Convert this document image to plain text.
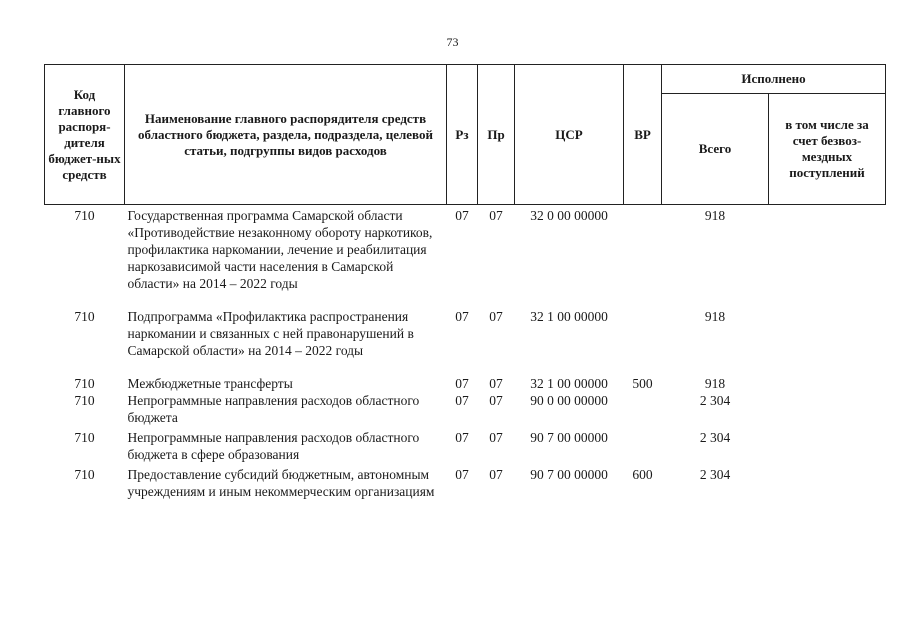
73
Код главного распоря-дителя бюджет-ных средств	Наименование главного распорядителя средств областного бюджета, раздела, подраздела, целевой статьи, подгруппы видов расходов	Рз	Пр	ЦСР	ВР	Исполнено	
						Всего	в том числе за счет безвоз-мездных поступлений
710	Государственная программа Самарской области «Противодействие незаконному обороту наркотиков, профилактика наркомании, лечение и реабилитация наркозависимой части населения в Самарской области» на 2014 – 2022 годы	07	07	32 0 00 00000		918	
710	Подпрограмма «Профилактика распространения наркомании и связанных с ней правонарушений в Самарской области» на 2014 – 2022 годы	07	07	32 1 00 00000		918	
710	Межбюджетные трансферты	07	07	32 1 00 00000	500	918	
710	Непрограммные направления расходов областного бюджета	07	07	90 0 00 00000		2 304	
710	Непрограммные направления расходов областного бюджета в сфере образования	07	07	90 7 00 00000		2 304	
710	Предоставление субсидий бюджетным, автономным учреждениям и иным некоммерческим организациям	07	07	90 7 00 00000	600	2 304	
